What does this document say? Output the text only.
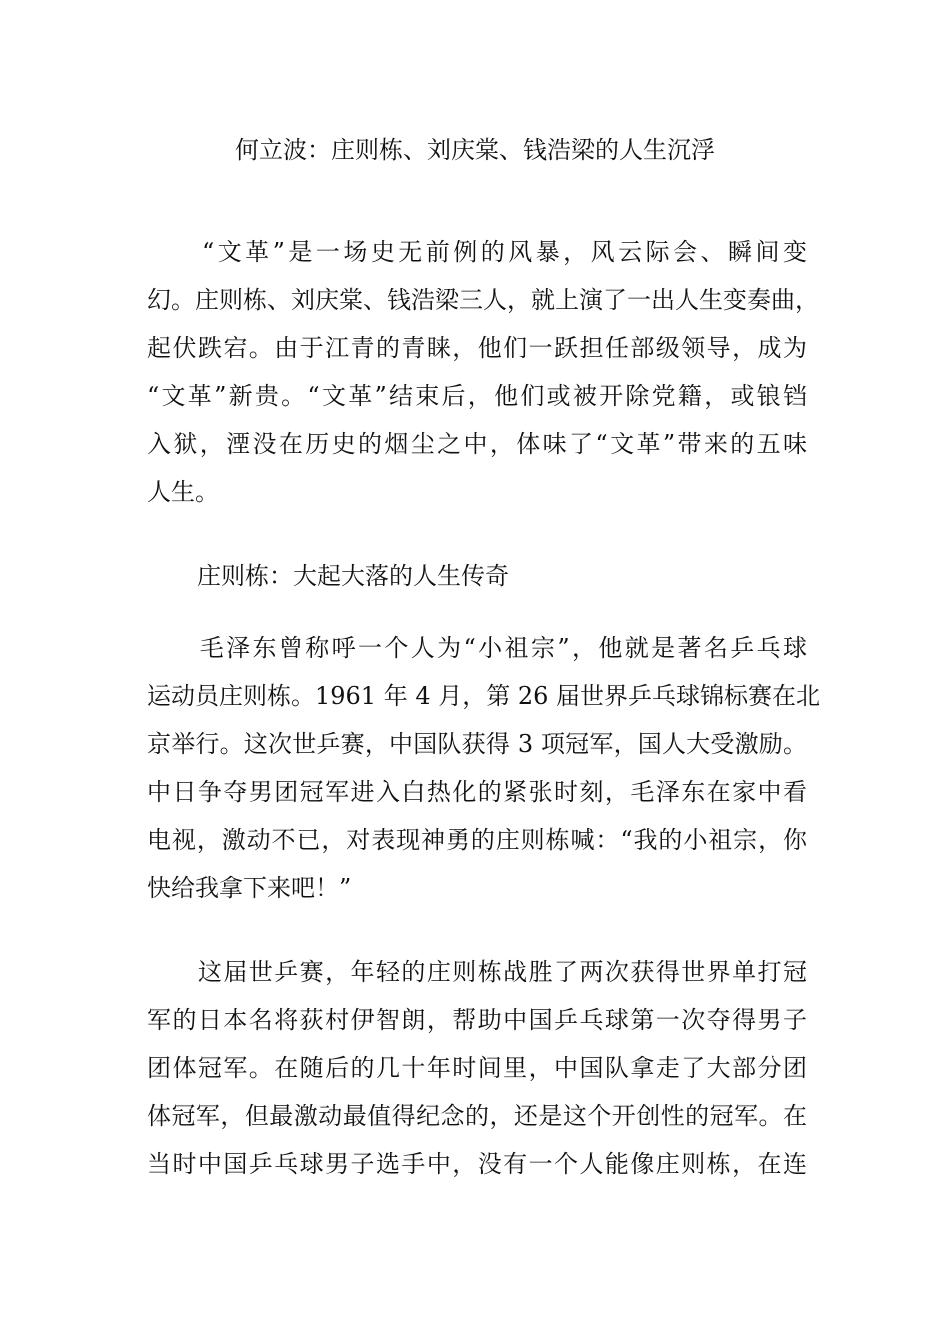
何立波：庄则栋、刘庆棠、钱浩梁的人生沉浮

　　“文革”是一场史无前例的风暴，风云际会、瞬间变
幻。庄则栋、刘庆棠、钱浩梁三人，就上演了一出人生变奏曲，
起伏跌宕。由于江青的青睐，他们一跃担任部级领导，成为
“文革”新贵。“文革”结束后，他们或被开除党籍，或锒铛
入狱，湮没在历史的烟尘之中，体味了“文革”带来的五味
人生。

庄则栋：大起大落的人生传奇

　　毛泽东曾称呼一个人为“小祖宗”，他就是著名乒乓球
运动员庄则栋。1961 年 4 月，第 26 届世界乒乓球锦标赛在北
京举行。这次世乒赛，中国队获得 3 项冠军，国人大受激励。
中日争夺男团冠军进入白热化的紧张时刻，毛泽东在家中看
电视，激动不已，对表现神勇的庄则栋喊：“我的小祖宗，你
快给我拿下来吧！”

　　这届世乒赛，年轻的庄则栋战胜了两次获得世界单打冠
军的日本名将荻村伊智朗，帮助中国乒乓球第一次夺得男子
团体冠军。在随后的几十年时间里，中国队拿走了大部分团
体冠军，但最激动最值得纪念的，还是这个开创性的冠军。在
当时中国乒乓球男子选手中，没有一个人能像庄则栋，在连
